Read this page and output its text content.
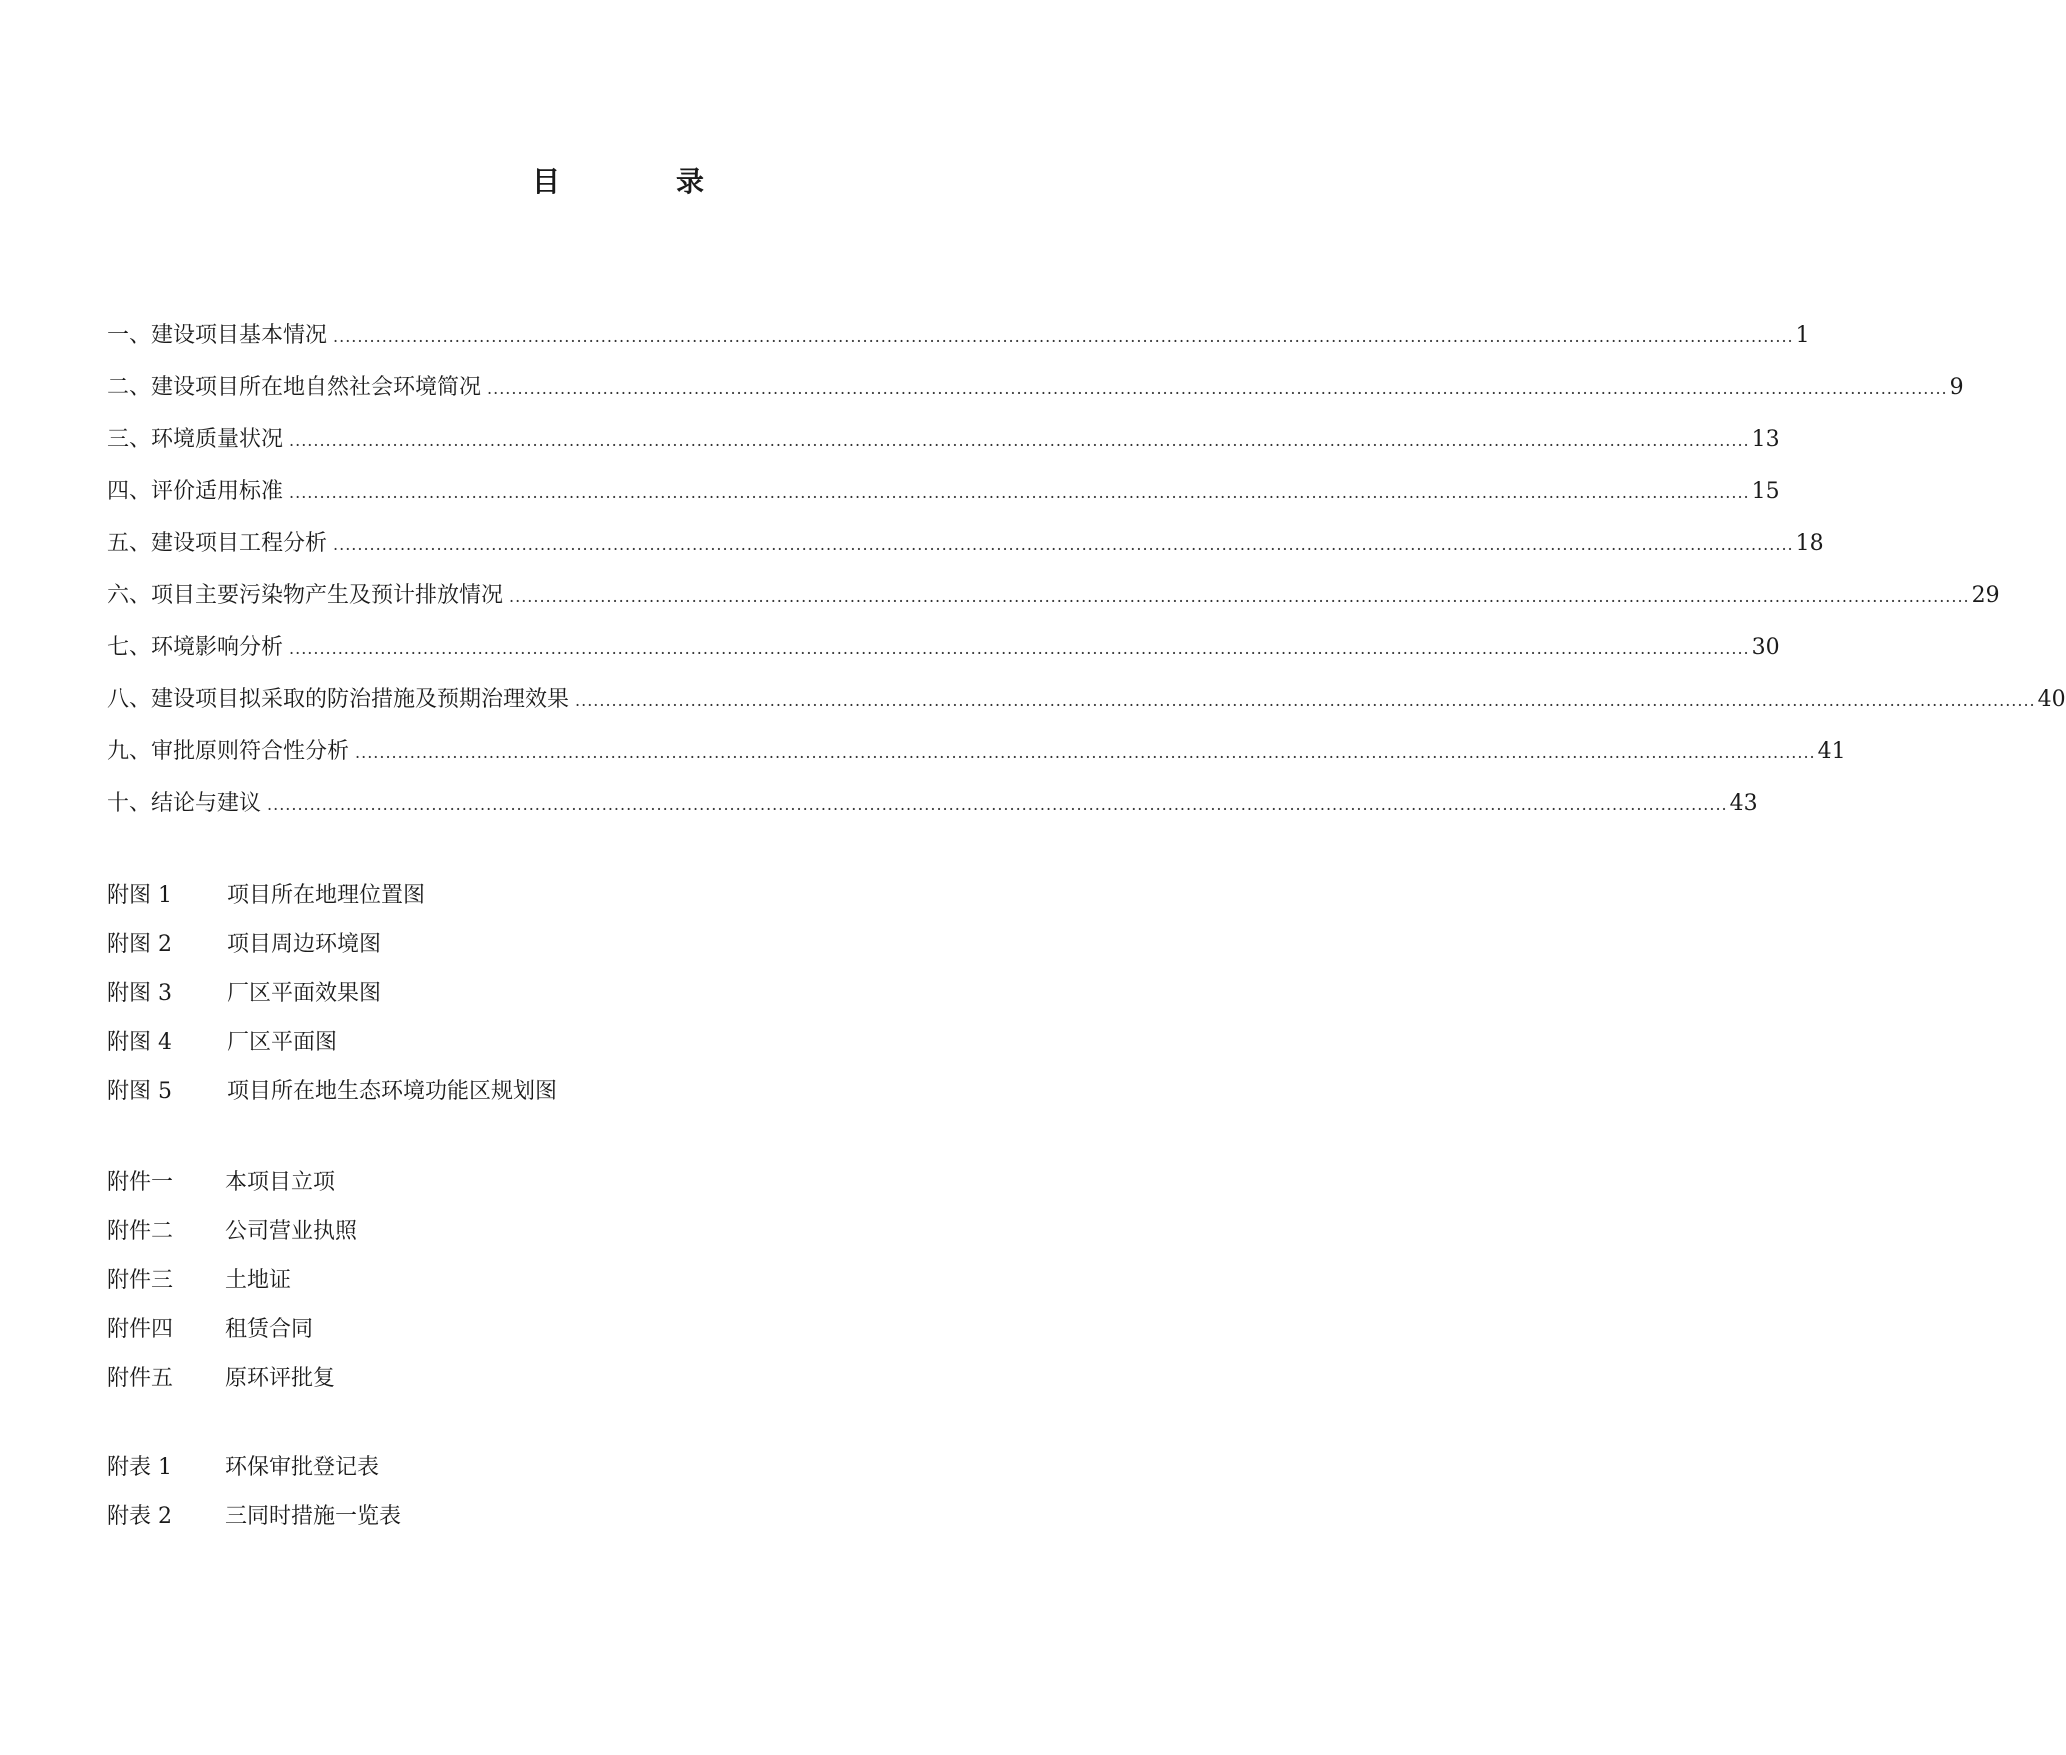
目	录
一、建设项目基本情况 ................................................................................................................................................................................................................................................ 1
二、建设项目所在地自然社会环境简况 ................................................................................................................................................................................................................................................ 9
三、环境质量状况 ................................................................................................................................................................................................................................................ 13
四、评价适用标准 ................................................................................................................................................................................................................................................ 15
五、建设项目工程分析 ................................................................................................................................................................................................................................................ 18
六、项目主要污染物产生及预计排放情况 ................................................................................................................................................................................................................................................ 29
七、环境影响分析 ................................................................................................................................................................................................................................................ 30
八、建设项目拟采取的防治措施及预期治理效果 ................................................................................................................................................................................................................................................ 40
九、审批原则符合性分析 ................................................................................................................................................................................................................................................ 41
十、结论与建议 ................................................................................................................................................................................................................................................ 43
附图 1	项目所在地理位置图
附图 2	项目周边环境图
附图 3	厂区平面效果图
附图 4	厂区平面图
附图 5	项目所在地生态环境功能区规划图
附件一	本项目立项
附件二	公司营业执照
附件三	土地证
附件四	租赁合同
附件五	原环评批复
附表 1	环保审批登记表
附表 2	三同时措施一览表
